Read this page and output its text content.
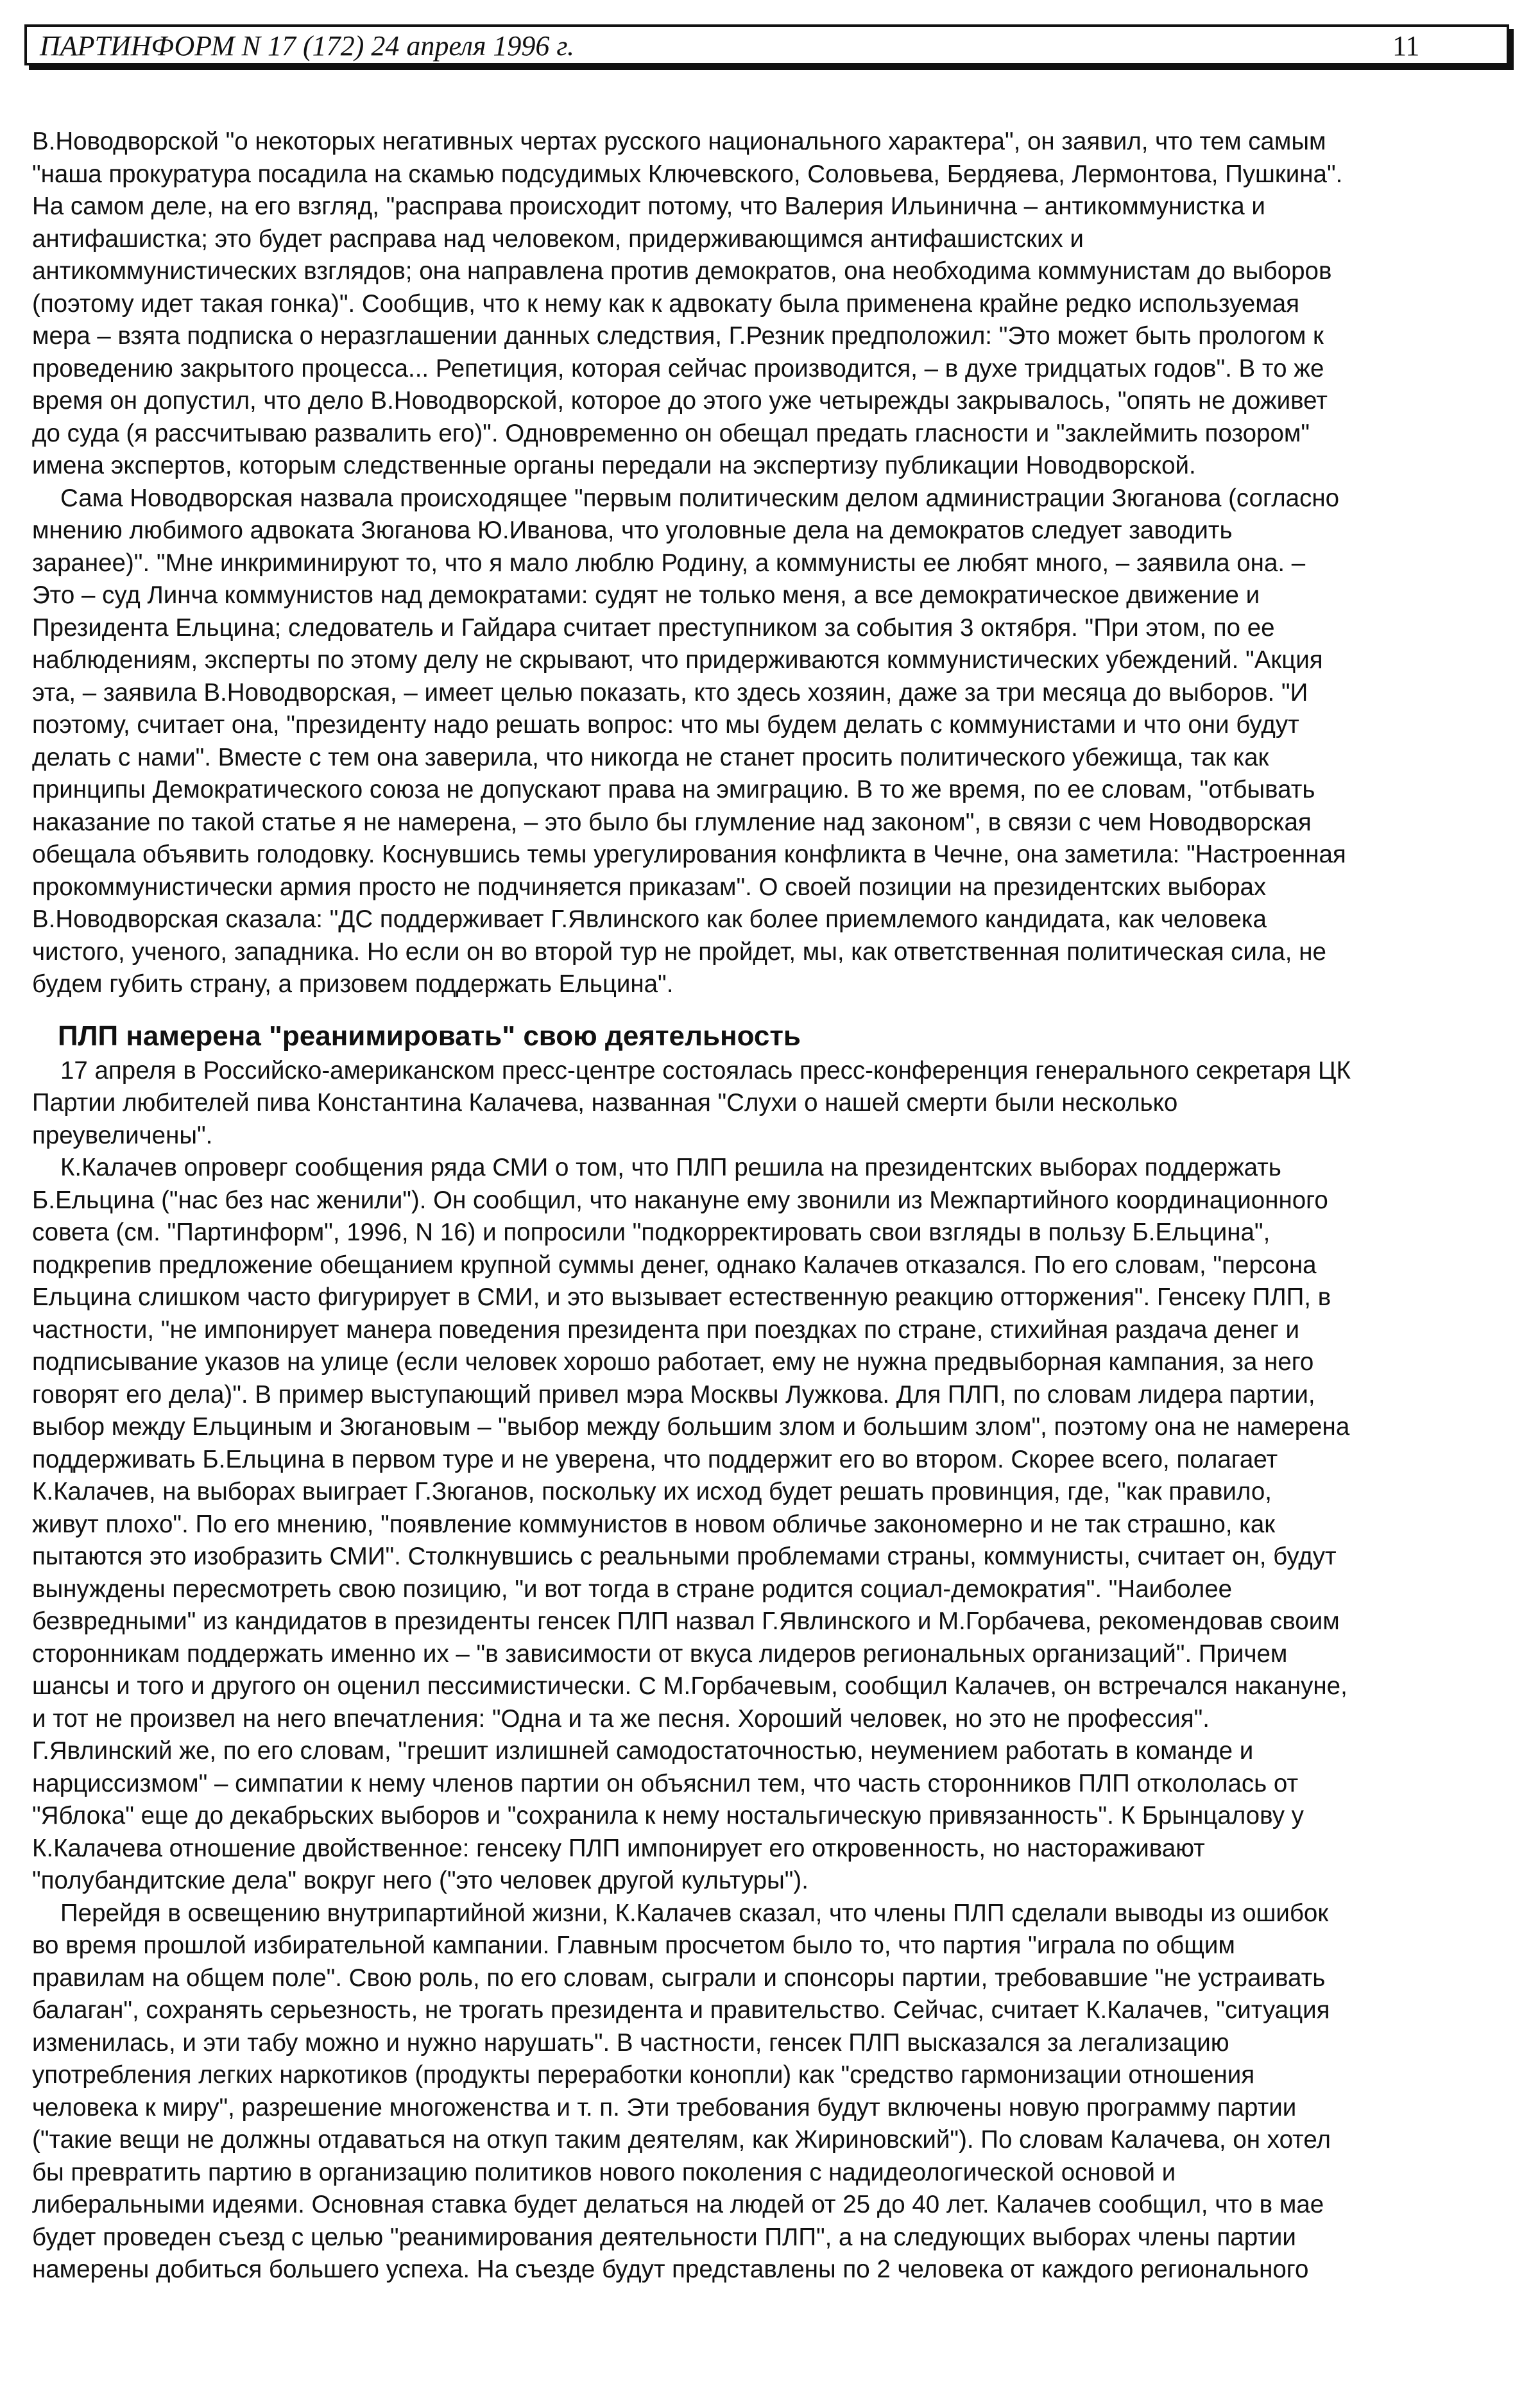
ПАРТИНФОРМ N 17 (172) 24 апреля 1996 г.	11

В.Новодворской "о некоторых негативных чертах русского национального характера", он заявил, что тем самым
"наша прокуратура посадила на скамью подсудимых Ключевского, Соловьева, Бердяева, Лермонтова, Пушкина".
На самом деле, на его взгляд, "расправа происходит потому, что Валерия Ильинична – антикоммунистка и
антифашистка; это будет расправа над человеком, придерживающимся антифашистских и
антикоммунистических взглядов; она направлена против демократов, она необходима коммунистам до выборов
(поэтому идет такая гонка)". Сообщив, что к нему как к адвокату была применена крайне редко используемая
мера – взята подписка о неразглашении данных следствия, Г.Резник предположил: "Это может быть прологом к
проведению закрытого процесса... Репетиция, которая сейчас производится, – в духе тридцатых годов". В то же
время он допустил, что дело В.Новодворской, которое до этого уже четырежды закрывалось, "опять не доживет
до суда (я рассчитываю развалить его)". Одновременно он обещал предать гласности и "заклеймить позором"
имена экспертов, которым следственные органы передали на экспертизу публикации Новодворской.

Сама Новодворская назвала происходящее "первым политическим делом администрации Зюганова (согласно
мнению любимого адвоката Зюганова Ю.Иванова, что уголовные дела на демократов следует заводить
заранее)". "Мне инкриминируют то, что я мало люблю Родину, а коммунисты ее любят много, – заявила она. –
Это – суд Линча коммунистов над демократами: судят не только меня, а все демократическое движение и
Президента Ельцина; следователь и Гайдара считает преступником за события 3 октября. "При этом, по ее
наблюдениям, эксперты по этому делу не скрывают, что придерживаются коммунистических убеждений. "Акция
эта, – заявила В.Новодворская, – имеет целью показать, кто здесь хозяин, даже за три месяца до выборов. "И
поэтому, считает она, "президенту надо решать вопрос: что мы будем делать с коммунистами и что они будут
делать с нами". Вместе с тем она заверила, что никогда не станет просить политического убежища, так как
принципы Демократического союза не допускают права на эмиграцию. В то же время, по ее словам, "отбывать
наказание по такой статье я не намерена, – это было бы глумление над законом", в связи с чем Новодворская
обещала объявить голодовку. Коснувшись темы урегулирования конфликта в Чечне, она заметила: "Настроенная
прокоммунистически армия просто не подчиняется приказам". О своей позиции на президентских выборах
В.Новодворская сказала: "ДС поддерживает Г.Явлинского как более приемлемого кандидата, как человека
чистого, ученого, западника. Но если он во второй тур не пройдет, мы, как ответственная политическая сила, не
будем губить страну, а призовем поддержать Ельцина".

ПЛП намерена "реанимировать" свою деятельность

17 апреля в Российско-американском пресс-центре состоялась пресс-конференция генерального секретаря ЦК
Партии любителей пива Константина Калачева, названная "Слухи о нашей смерти были несколько
преувеличены".

К.Калачев опроверг сообщения ряда СМИ о том, что ПЛП решила на президентских выборах поддержать
Б.Ельцина ("нас без нас женили"). Он сообщил, что накануне ему звонили из Межпартийного координационного
совета (см. "Партинформ", 1996, N 16) и попросили "подкорректировать свои взгляды в пользу Б.Ельцина",
подкрепив предложение обещанием крупной суммы денег, однако Калачев отказался. По его словам, "персона
Ельцина слишком часто фигурирует в СМИ, и это вызывает естественную реакцию отторжения". Генсеку ПЛП, в
частности, "не импонирует манера поведения президента при поездках по стране, стихийная раздача денег и
подписывание указов на улице (если человек хорошо работает, ему не нужна предвыборная кампания, за него
говорят его дела)". В пример выступающий привел мэра Москвы Лужкова. Для ПЛП, по словам лидера партии,
выбор между Ельциным и Зюгановым – "выбор между большим злом и большим злом", поэтому она не намерена
поддерживать Б.Ельцина в первом туре и не уверена, что поддержит его во втором. Скорее всего, полагает
К.Калачев, на выборах выиграет Г.Зюганов, поскольку их исход будет решать провинция, где, "как правило,
живут плохо". По его мнению, "появление коммунистов в новом обличье закономерно и не так страшно, как
пытаются это изобразить СМИ". Столкнувшись с реальными проблемами страны, коммунисты, считает он, будут
вынуждены пересмотреть свою позицию, "и вот тогда в стране родится социал-демократия". "Наиболее
безвредными" из кандидатов в президенты генсек ПЛП назвал Г.Явлинского и М.Горбачева, рекомендовав своим
сторонникам поддержать именно их – "в зависимости от вкуса лидеров региональных организаций". Причем
шансы и того и другого он оценил пессимистически. С М.Горбачевым, сообщил Калачев, он встречался накануне,
и тот не произвел на него впечатления: "Одна и та же песня. Хороший человек, но это не профессия".
Г.Явлинский же, по его словам, "грешит излишней самодостаточностью, неумением работать в команде и
нарциссизмом" – симпатии к нему членов партии он объяснил тем, что часть сторонников ПЛП откололась от
"Яблока" еще до декабрьских выборов и "сохранила к нему ностальгическую привязанность". К Брынцалову у
К.Калачева отношение двойственное: генсеку ПЛП импонирует его откровенность, но настораживают
"полубандитские дела" вокруг него ("это человек другой культуры").

Перейдя в освещению внутрипартийной жизни, К.Калачев сказал, что члены ПЛП сделали выводы из ошибок
во время прошлой избирательной кампании. Главным просчетом было то, что партия "играла по общим
правилам на общем поле". Свою роль, по его словам, сыграли и спонсоры партии, требовавшие "не устраивать
балаган", сохранять серьезность, не трогать президента и правительство. Сейчас, считает К.Калачев, "ситуация
изменилась, и эти табу можно и нужно нарушать". В частности, генсек ПЛП высказался за легализацию
употребления легких наркотиков (продукты переработки конопли) как "средство гармонизации отношения
человека к миру", разрешение многоженства и т. п. Эти требования будут включены новую программу партии
("такие вещи не должны отдаваться на откуп таким деятелям, как Жириновский"). По словам Калачева, он хотел
бы превратить партию в организацию политиков нового поколения с надидеологической основой и
либеральными идеями. Основная ставка будет делаться на людей от 25 до 40 лет. Калачев сообщил, что в мае
будет проведен съезд с целью "реанимирования деятельности ПЛП", а на следующих выборах члены партии
намерены добиться большего успеха. На съезде будут представлены по 2 человека от каждого регионального
